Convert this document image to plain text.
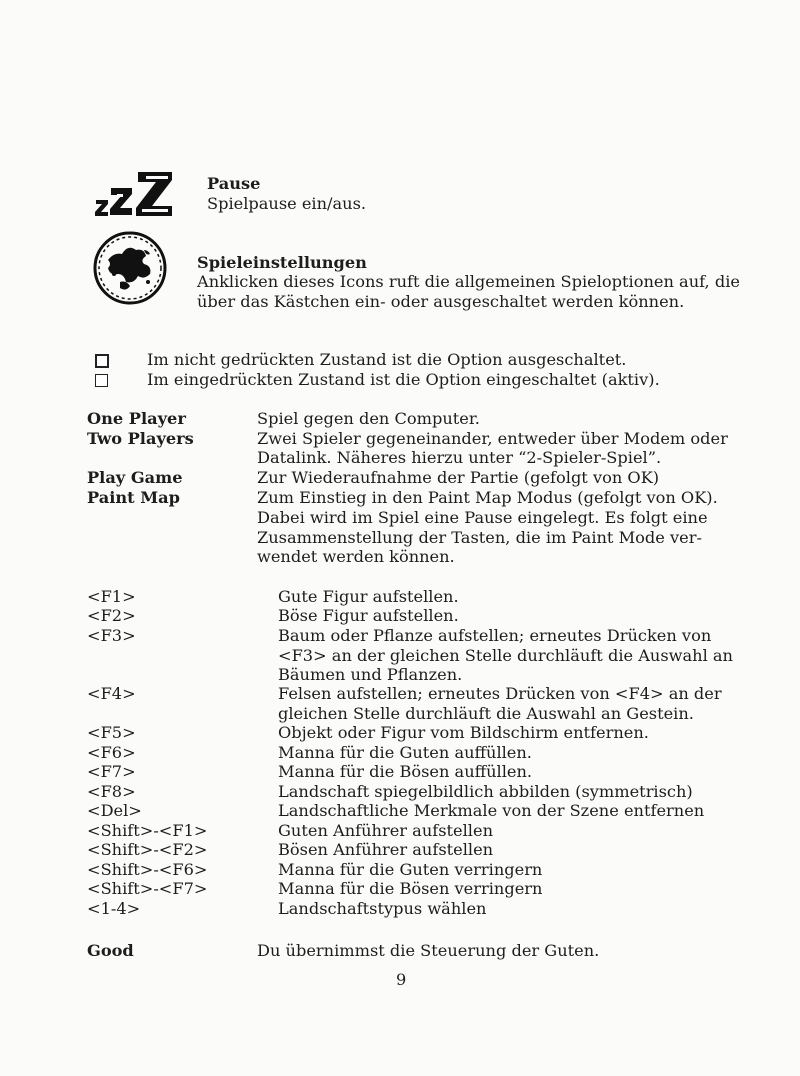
Pause
Spielpause ein/aus.
Spieleinstellungen
Anklicken dieses Icons ruft die allgemeinen Spieloptionen auf, die
über das Kästchen ein- oder ausgeschaltet werden können.
Im nicht gedrückten Zustand ist die Option ausgeschaltet.
Im eingedrückten Zustand ist die Option eingeschaltet (aktiv).
One Player	Spiel gegen den Computer.
Two Players	Zwei Spieler gegeneinander, entweder über Modem oder
Datalink. Näheres hierzu unter “2-Spieler-Spiel”.
Play Game	Zur Wiederaufnahme der Partie (gefolgt von OK)
Paint Map	Zum Einstieg in den Paint Map Modus (gefolgt von OK).
Dabei wird im Spiel eine Pause eingelegt. Es folgt eine
Zusammenstellung der Tasten, die im Paint Mode ver-
wendet werden können.
<F1>	Gute Figur aufstellen.
<F2>	Böse Figur aufstellen.
<F3>	Baum oder Pflanze aufstellen; erneutes Drücken von
<F3> an der gleichen Stelle durchläuft die Auswahl an
Bäumen und Pflanzen.
<F4>	Felsen aufstellen; erneutes Drücken von <F4> an der
gleichen Stelle durchläuft die Auswahl an Gestein.
<F5>	Objekt oder Figur vom Bildschirm entfernen.
<F6>	Manna für die Guten auffüllen.
<F7>	Manna für die Bösen auffüllen.
<F8>	Landschaft spiegelbildlich abbilden (symmetrisch)
<Del>	Landschaftliche Merkmale von der Szene entfernen
<Shift>-<F1>	Guten Anführer aufstellen
<Shift>-<F2>	Bösen Anführer aufstellen
<Shift>-<F6>	Manna für die Guten verringern
<Shift>-<F7>	Manna für die Bösen verringern
<1-4>	Landschaftstypus wählen
Good	Du übernimmst die Steuerung der Guten.
9
